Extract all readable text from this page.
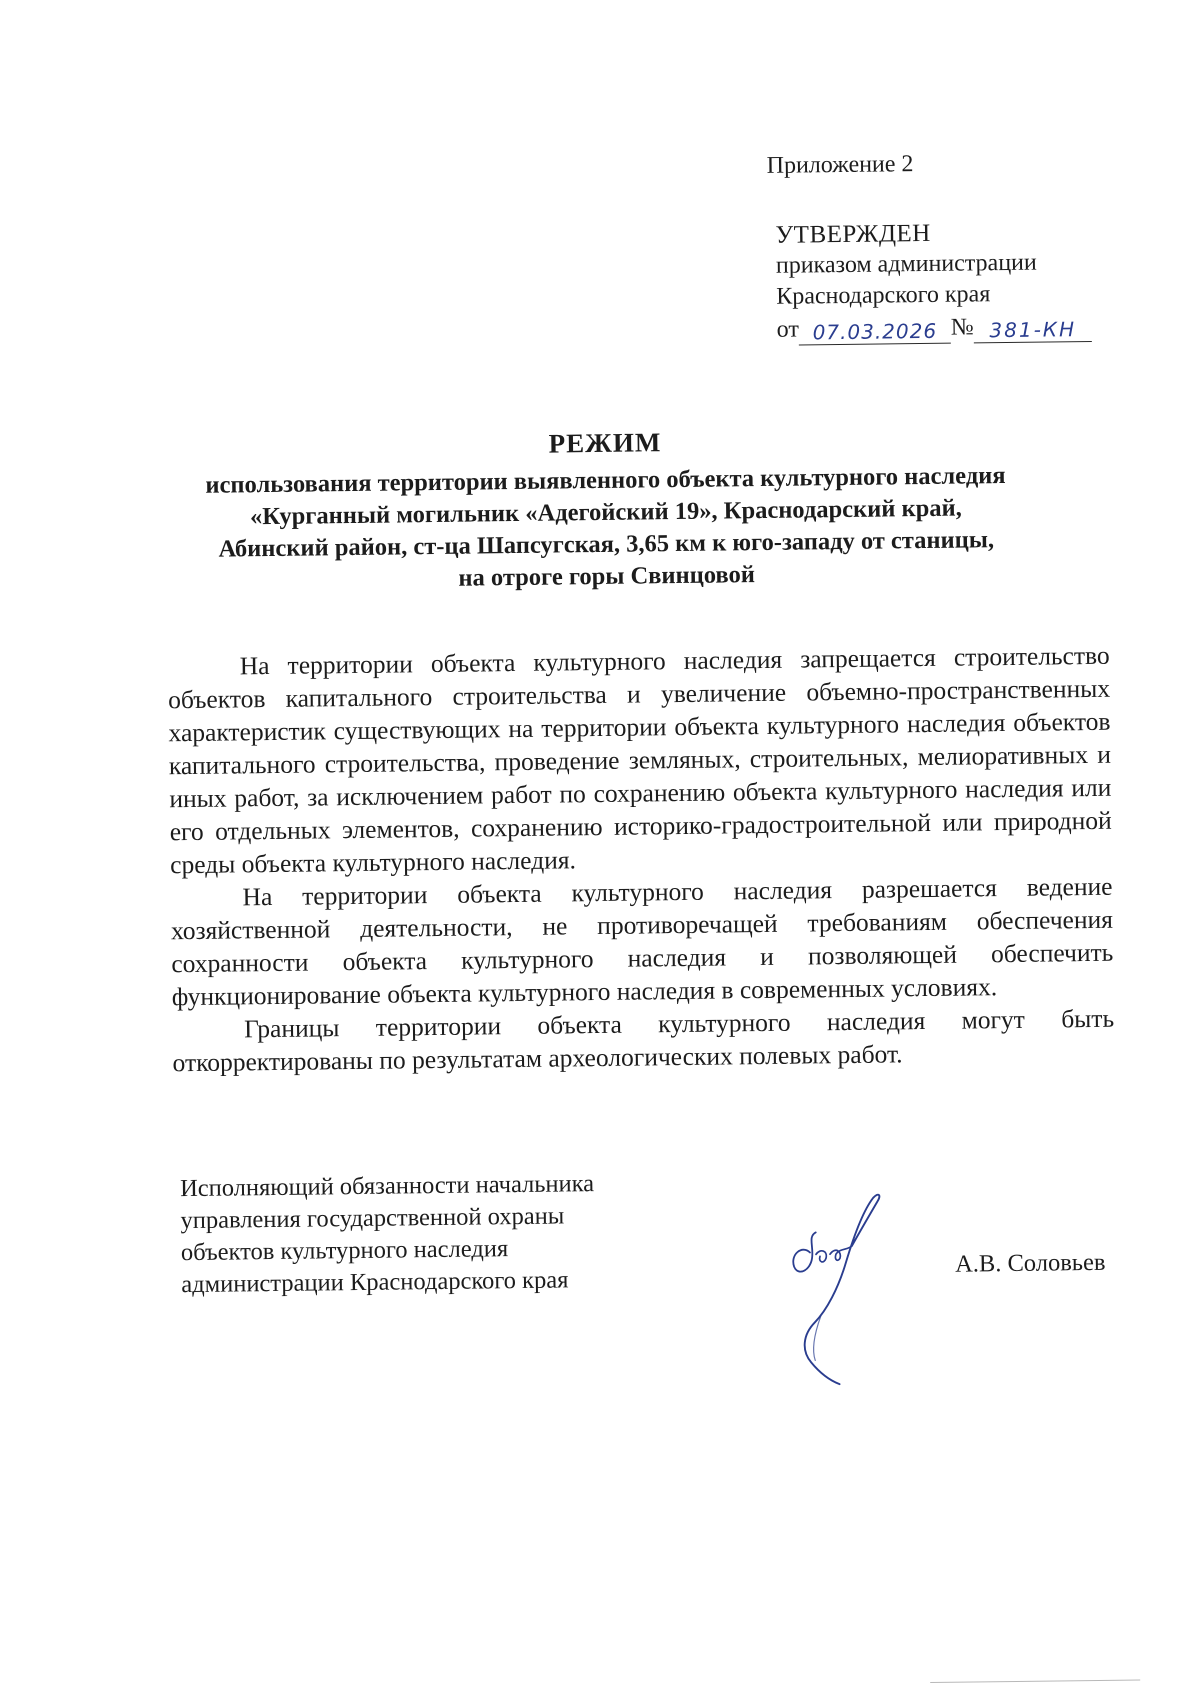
Приложение 2
УТВЕРЖДЕН
приказом администрации
Краснодарского края
от 07.03.2026 № 381-КН
РЕЖИМ
использования территории выявленного объекта культурного наследия
«Курганный могильник «Адегойский 19», Краснодарский край,
Абинский район, ст-ца Шапсугская, 3,65 км к юго-западу от станицы,
на отроге горы Свинцовой

На территории объекта культурного наследия запрещается строительство объектов капитального строительства и увеличение объемно-пространственных характеристик существующих на территории объекта культурного наследия объектов капитального строительства, проведение земляных, строительных, мелиоративных и иных работ, за исключением работ по сохранению объекта культурного наследия или его отдельных элементов, сохранению историко-градостроительной или природной среды объекта культурного наследия.

На территории объекта культурного наследия разрешается ведение хозяйственной деятельности, не противоречащей требованиям обеспечения сохранности объекта культурного наследия и позволяющей обеспечить функционирование объекта культурного наследия в современных условиях.

Границы территории объекта культурного наследия могут быть откорректированы по результатам археологических полевых работ.

Исполняющий обязанности начальника
управления государственной охраны
объектов культурного наследия
администрации Краснодарского края
А.В. Соловьев
